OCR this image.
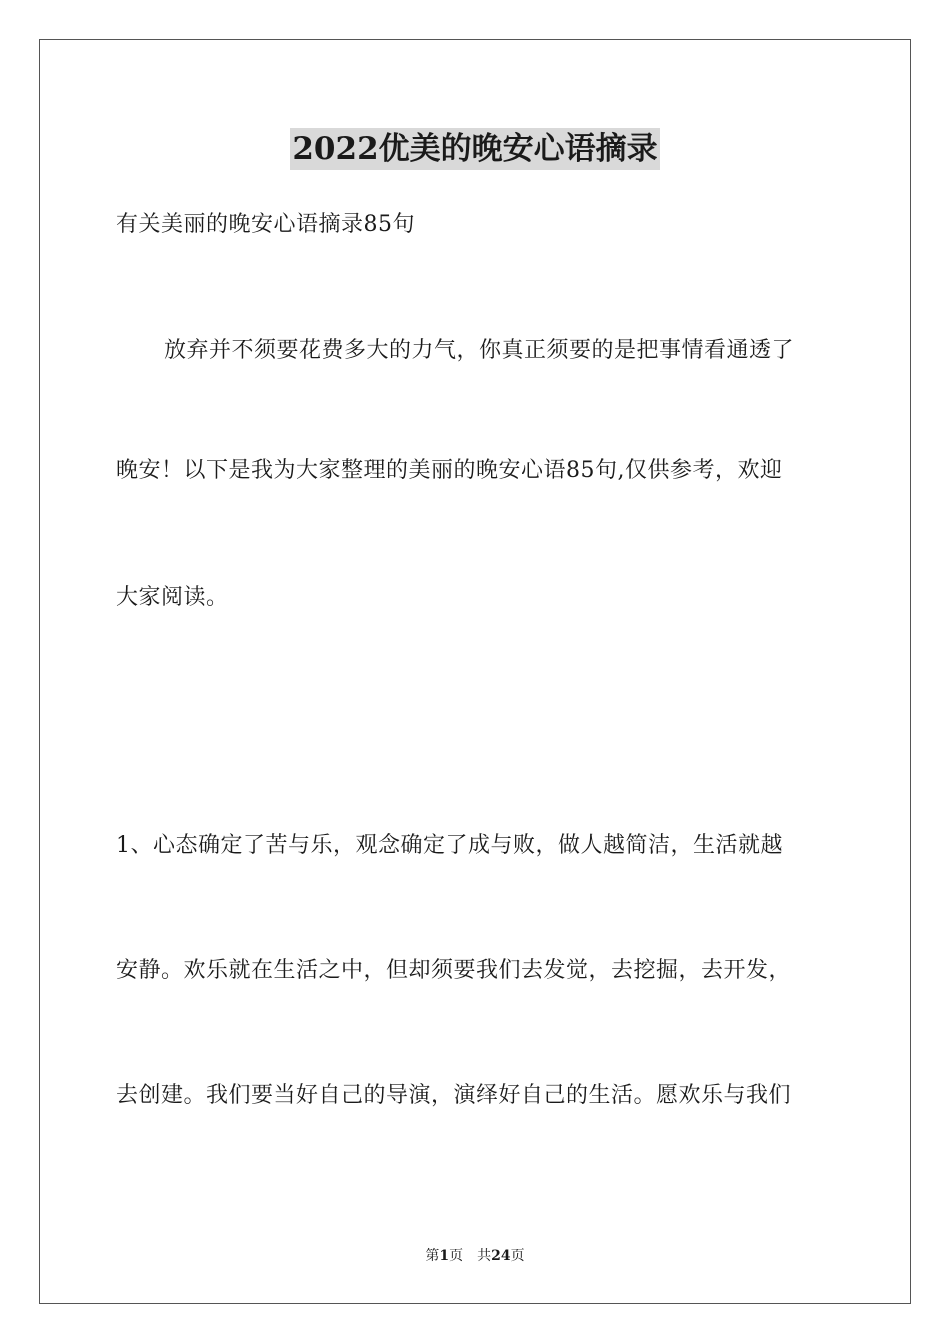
2022优美的晚安心语摘录
有关美丽的晚安心语摘录85句
放弃并不须要花费多大的力气，你真正须要的是把事情看通透了
晚安！以下是我为大家整理的美丽的晚安心语85句,仅供参考，欢迎
大家阅读。
1、心态确定了苦与乐，观念确定了成与败，做人越简洁，生活就越
安静。欢乐就在生活之中，但却须要我们去发觉，去挖掘，去开发，
去创建。我们要当好自己的导演，演绎好自己的生活。愿欢乐与我们
第1页 共24页
